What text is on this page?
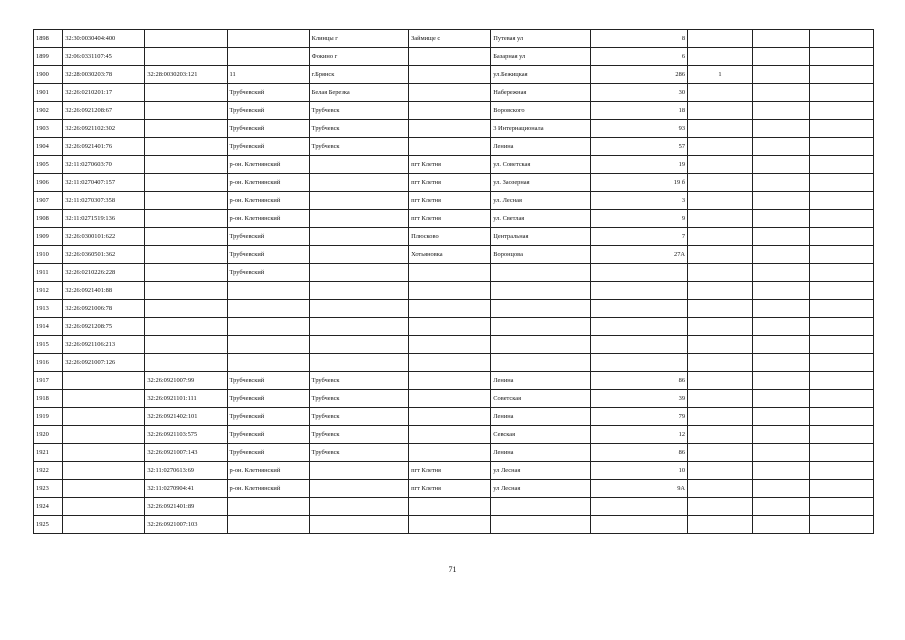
1898	32:30:0030404:400			Клинцы г	Займище с	Путевая ул	8			
1899	32:06:0331107:45			Фокино г		Базарная ул	6			
1900	32:28:0030203:78	32:28:0030203:121	11	г.Брянск		ул.Бежицкая	286	1		
1901	32:26:0210201:17		Трубчевский	Белая Березка		Набережная	30			
1902	32:26:0921208:67		Трубчевский	Трубчевск		Воровского	18			
1903	32:26:0921102:302		Трубчевский	Трубчевск		3 Интернационала	93			
1904	32:26:0921401:76		Трубчевский	Трубчевск		Ленина	57			
1905	32:11:0270603:70		р-он. Клетнянский		пгт Клетня	ул. Советская	19			
1906	32:11:0270407:157		р-он. Клетнянский		пгт Клетня	ул. Заозерная	19 б			
1907	32:11:0270307:358		р-он. Клетнянский		пгт Клетня	ул. Лесная	3			
1908	32:11:0271519:136		р-он. Клетнянский		пгт Клетня	ул. Светлая	9			
1909	32:26:0300101:622		Трубчевский		Плюсково	Центральная	7			
1910	32:26:0360501:362		Трубчевский		Хотьяновка	Воронцова	27А			
1911	32:26:0210226:228		Трубчевский							
1912	32:26:0921401:88									
1913	32:26:0921006:78									
1914	32:26:0921208:75									
1915	32:26:0921106:213									
1916	32:26:0921007:126									
1917		32:26:0921007:99	Трубчевский	Трубчевск		Ленина	86			
1918		32:26:0921101:111	Трубчевский	Трубчевск		Советская	39			
1919		32:26:0921402:101	Трубчевский	Трубчевск		Ленина	79			
1920		32:26:0921103:575	Трубчевский	Трубчевск		Севская	12			
1921		32:26:0921007:143	Трубчевский	Трубчевск		Ленина	86			
1922		32:11:0270613:69	р-он. Клетнянский		пгт Клетня	ул Лесная	10			
1923		32:11:0270904:41	р-он. Клетнянский		пгт Клетня	ул Лесная	9А			
1924		32:26:0921401:89								
1925		32:26:0921007:103								
71
